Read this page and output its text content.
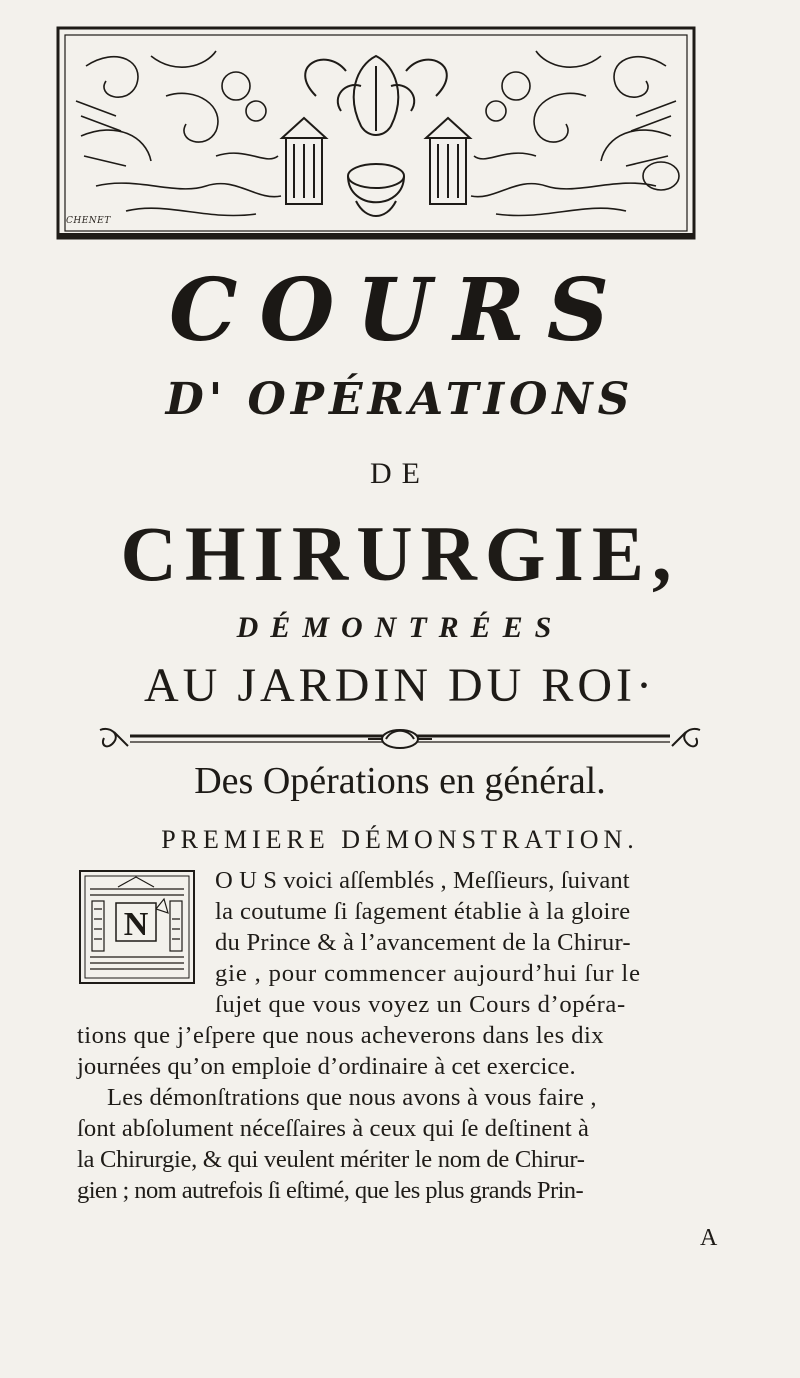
CHENET
COURS
D' OPÉRATIONS
DE
CHIRURGIE,
DÉMONTRÉES
AU JARDIN DU ROI·
Des Opérations en général.
PREMIERE DÉMONSTRATION.
N
O U S voici aſſemblés , Meſſieurs, ſuivant
la coutume ſi ſagement établie à la gloire
du Prince & à l’avancement de la Chirur-
gie , pour commencer aujourd’hui ſur le
ſujet que vous voyez un Cours d’opéra-
tions que j’eſpere que nous acheverons dans les dix
journées qu’on emploie d’ordinaire à cet exercice.
Les démonſtrations que nous avons à vous faire ,
ſont abſolument néceſſaires à ceux qui ſe deſtinent à
la Chirurgie, & qui veulent mériter le nom de Chirur-
gien ; nom autrefois ſi eſtimé, que les plus grands Prin-
A
